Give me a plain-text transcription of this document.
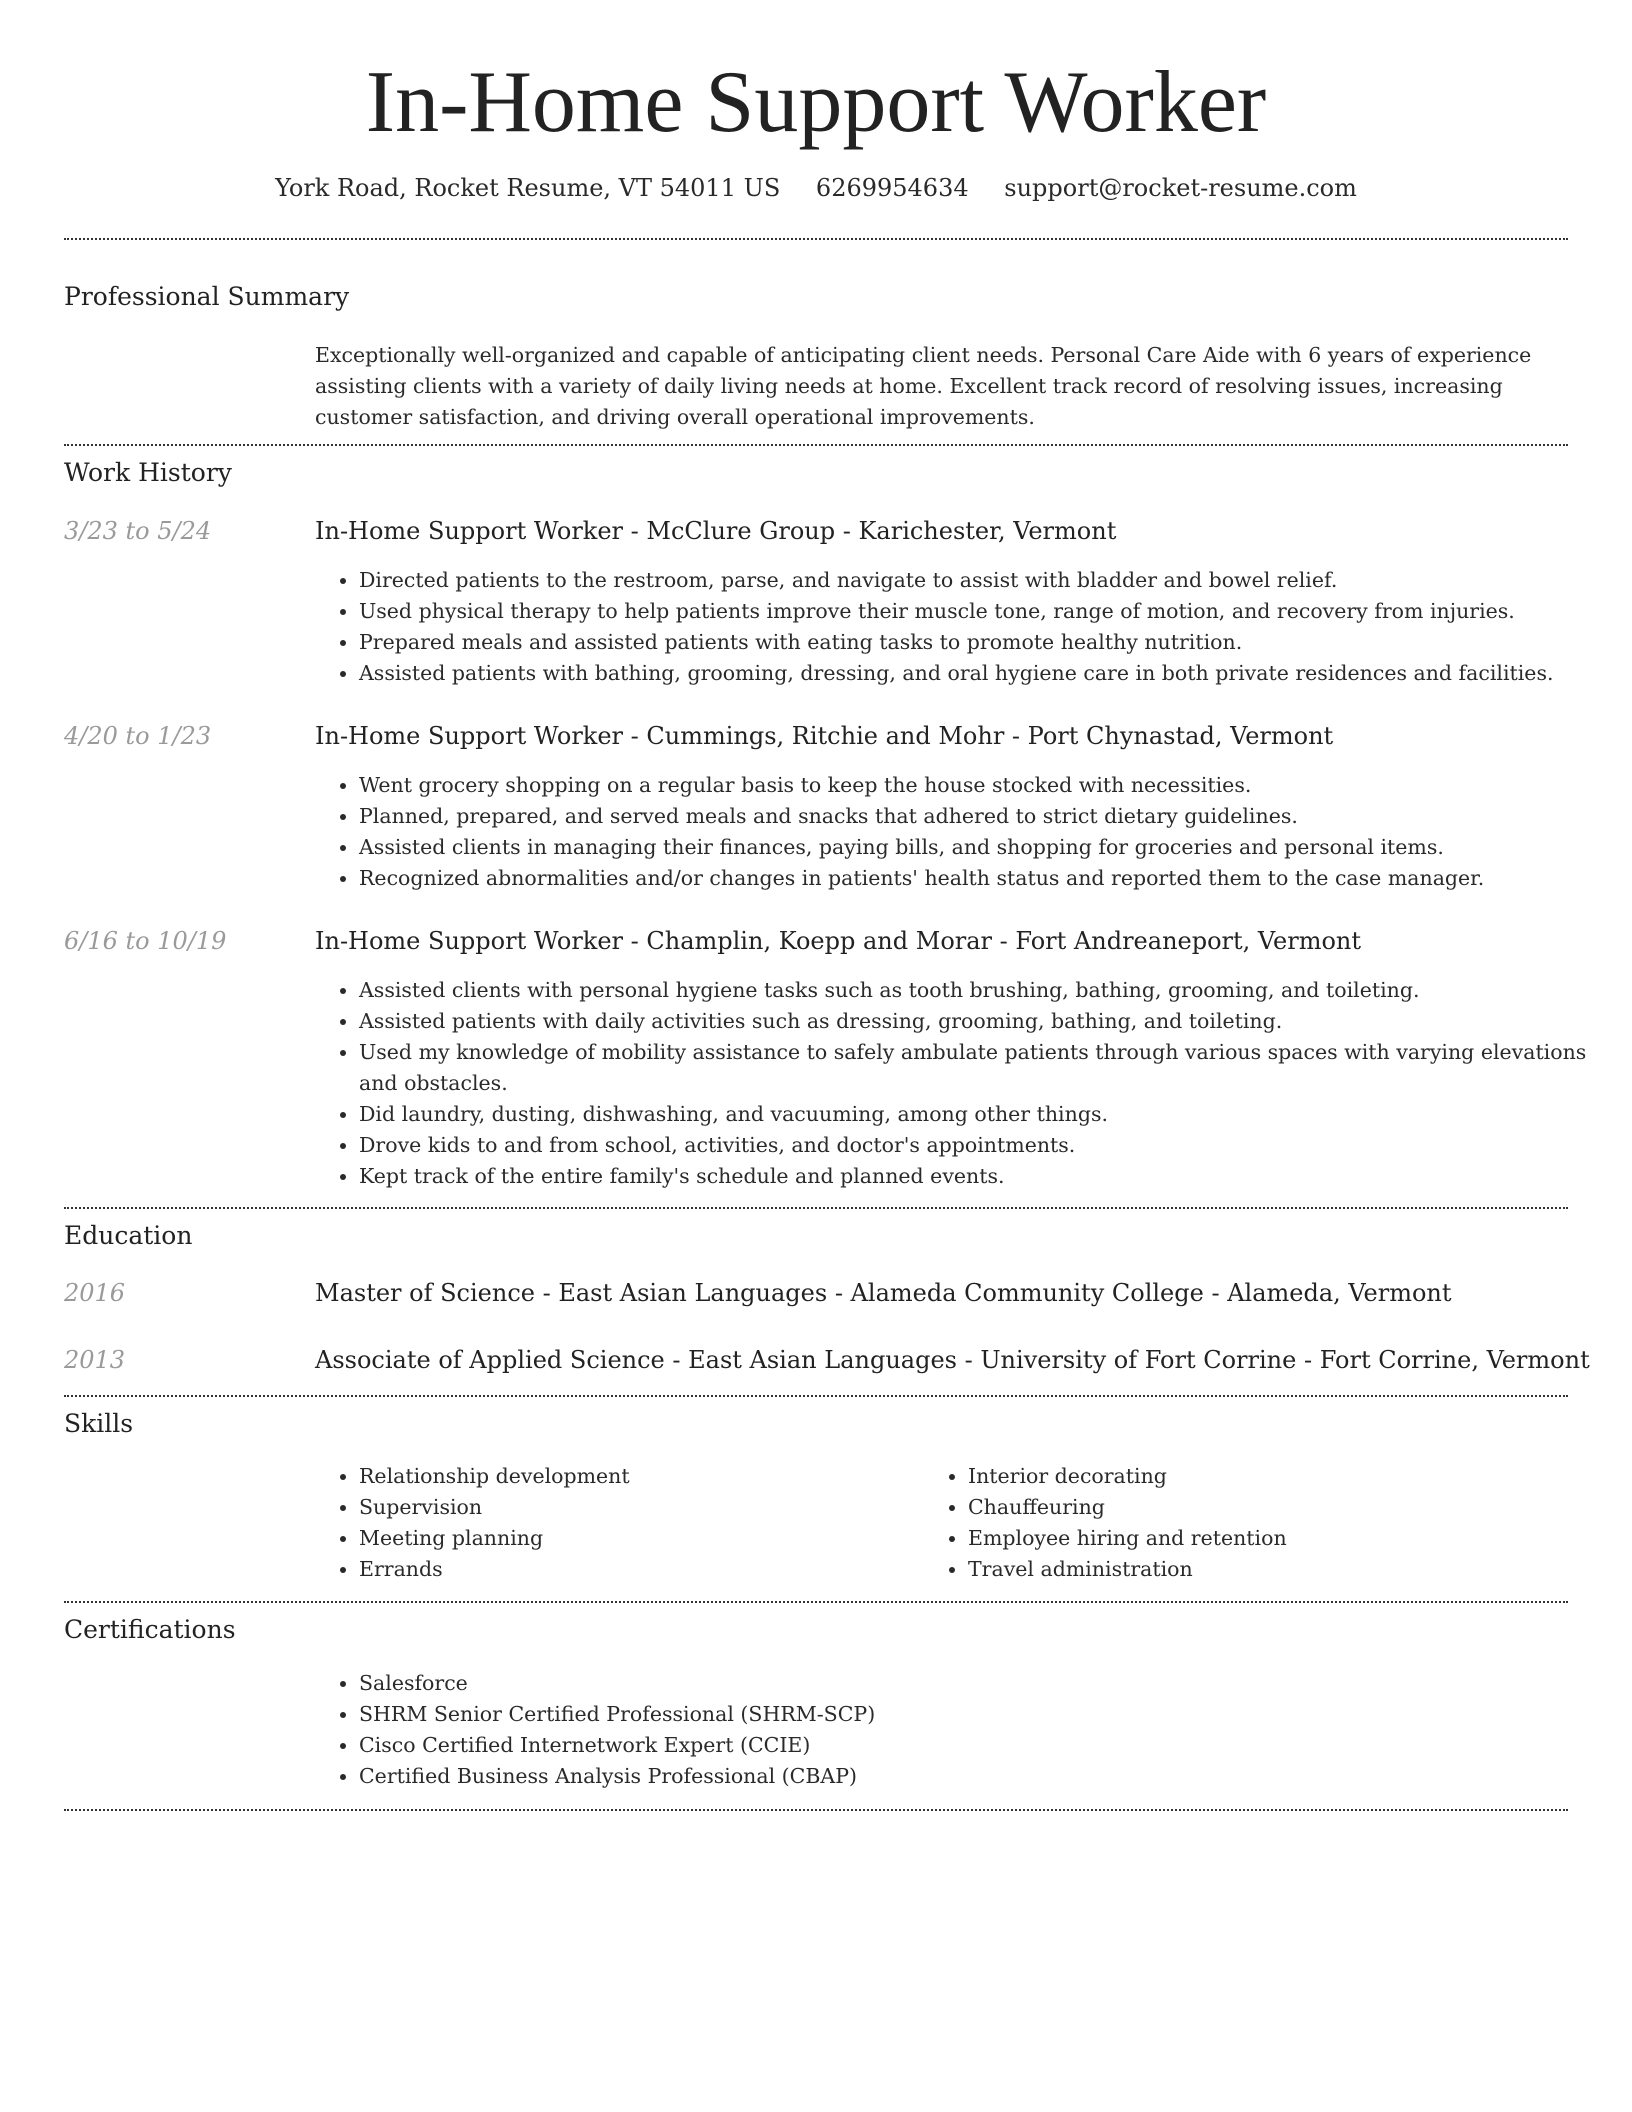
In-Home Support Worker
York Road, Rocket Resume, VT 54011 US 6269954634 support@rocket-resume.com
Professional Summary

Exceptionally well-organized and capable of anticipating client needs. Personal Care Aide with 6 years of experience assisting clients with a variety of daily living needs at home. Excellent track record of resolving issues, increasing customer satisfaction, and driving overall operational improvements.

Work History
3/23 to 5/24	In-Home Support Worker - McClure Group - Karichester, Vermont
• Directed patients to the restroom, parse, and navigate to assist with bladder and bowel relief.
• Used physical therapy to help patients improve their muscle tone, range of motion, and recovery from injuries.
• Prepared meals and assisted patients with eating tasks to promote healthy nutrition.
• Assisted patients with bathing, grooming, dressing, and oral hygiene care in both private residences and facilities.
4/20 to 1/23	In-Home Support Worker - Cummings, Ritchie and Mohr - Port Chynastad, Vermont
• Went grocery shopping on a regular basis to keep the house stocked with necessities.
• Planned, prepared, and served meals and snacks that adhered to strict dietary guidelines.
• Assisted clients in managing their finances, paying bills, and shopping for groceries and personal items.
• Recognized abnormalities and/or changes in patients' health status and reported them to the case manager.
6/16 to 10/19	In-Home Support Worker - Champlin, Koepp and Morar - Fort Andreaneport, Vermont
• Assisted clients with personal hygiene tasks such as tooth brushing, bathing, grooming, and toileting.
• Assisted patients with daily activities such as dressing, grooming, bathing, and toileting.
• Used my knowledge of mobility assistance to safely ambulate patients through various spaces with varying elevations and obstacles.
• Did laundry, dusting, dishwashing, and vacuuming, among other things.
• Drove kids to and from school, activities, and doctor's appointments.
• Kept track of the entire family's schedule and planned events.
Education
2016	Master of Science - East Asian Languages - Alameda Community College - Alameda, Vermont
2013	Associate of Applied Science - East Asian Languages - University of Fort Corrine - Fort Corrine, Vermont
Skills
• Relationship development
• Supervision
• Meeting planning
• Errands
• Interior decorating
• Chauffeuring
• Employee hiring and retention
• Travel administration
Certifications
• Salesforce
• SHRM Senior Certified Professional (SHRM-SCP)
• Cisco Certified Internetwork Expert (CCIE)
• Certified Business Analysis Professional (CBAP)
